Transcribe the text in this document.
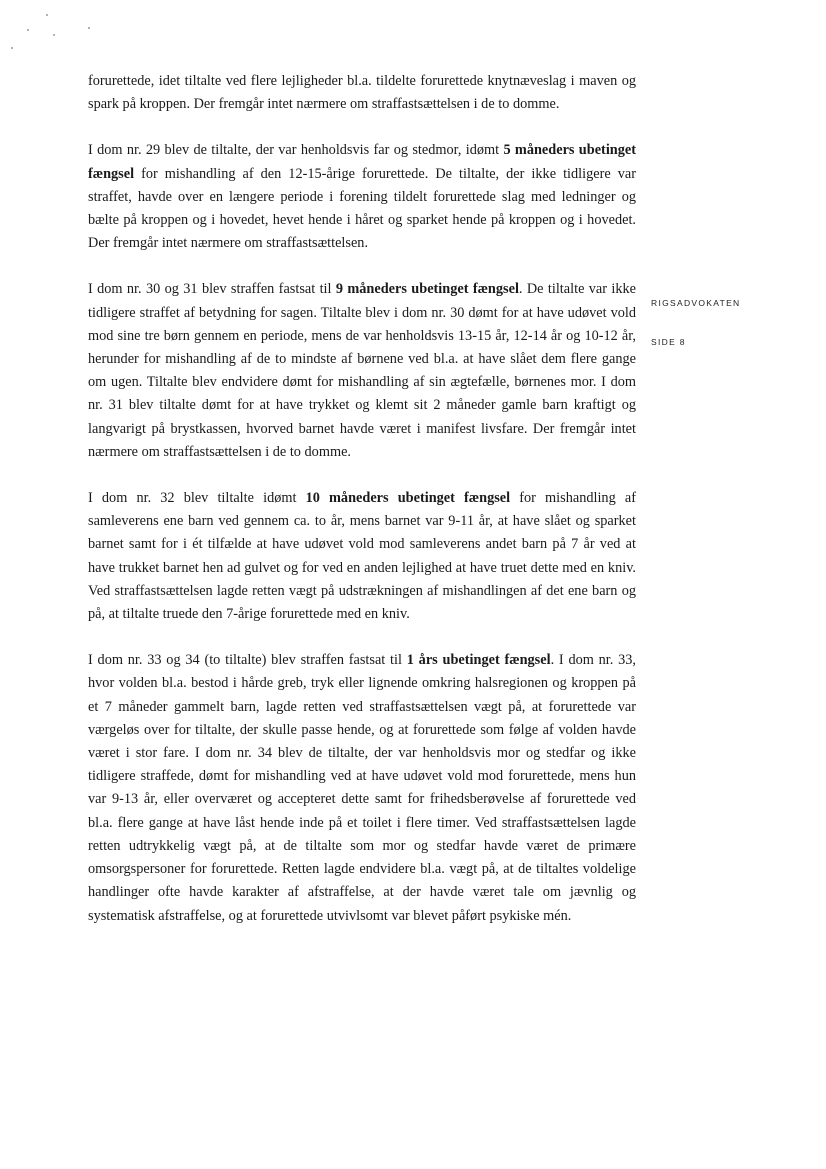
RIGSADVOKATEN
SIDE 8

forurettede, idet tiltalte ved flere lejligheder bl.a. tildelte forurettede knytnæveslag i maven og spark på kroppen. Der fremgår intet nærmere om straffastsættelsen i de to domme.

I dom nr. 29 blev de tiltalte, der var henholdsvis far og stedmor, idømt 5 måneders ubetinget fængsel for mishandling af den 12-15-årige forurettede. De tiltalte, der ikke tidligere var straffet, havde over en længere periode i forening tildelt forurettede slag med ledninger og bælte på kroppen og i hovedet, hevet hende i håret og sparket hende på kroppen og i hovedet. Der fremgår intet nærmere om straffastsættelsen.

I dom nr. 30 og 31 blev straffen fastsat til 9 måneders ubetinget fængsel. De tiltalte var ikke tidligere straffet af betydning for sagen. Tiltalte blev i dom nr. 30 dømt for at have udøvet vold mod sine tre børn gennem en periode, mens de var henholdsvis 13-15 år, 12-14 år og 10-12 år, herunder for mishandling af de to mindste af børnene ved bl.a. at have slået dem flere gange om ugen. Tiltalte blev endvidere dømt for mishandling af sin ægtefælle, børnenes mor. I dom nr. 31 blev tiltalte dømt for at have trykket og klemt sit 2 måneder gamle barn kraftigt og langvarigt på brystkassen, hvorved barnet havde været i manifest livsfare. Der fremgår intet nærmere om straffastsættelsen i de to domme.

I dom nr. 32 blev tiltalte idømt 10 måneders ubetinget fængsel for mishandling af samleverens ene barn ved gennem ca. to år, mens barnet var 9-11 år, at have slået og sparket barnet samt for i ét tilfælde at have udøvet vold mod samleverens andet barn på 7 år ved at have trukket barnet hen ad gulvet og for ved en anden lejlighed at have truet dette med en kniv. Ved straffastsættelsen lagde retten vægt på udstrækningen af mishandlingen af det ene barn og på, at tiltalte truede den 7-årige forurettede med en kniv.

I dom nr. 33 og 34 (to tiltalte) blev straffen fastsat til 1 års ubetinget fængsel. I dom nr. 33, hvor volden bl.a. bestod i hårde greb, tryk eller lignende omkring halsregionen og kroppen på et 7 måneder gammelt barn, lagde retten ved straffastsættelsen vægt på, at forurettede var værgeløs over for tiltalte, der skulle passe hende, og at forurettede som følge af volden havde været i stor fare. I dom nr. 34 blev de tiltalte, der var henholdsvis mor og stedfar og ikke tidligere straffede, dømt for mishandling ved at have udøvet vold mod forurettede, mens hun var 9-13 år, eller overværet og accepteret dette samt for frihedsberøvelse af forurettede ved bl.a. flere gange at have låst hende inde på et toilet i flere timer. Ved straffastsættelsen lagde retten udtrykkelig vægt på, at de tiltalte som mor og stedfar havde været de primære omsorgspersoner for forurettede. Retten lagde endvidere bl.a. vægt på, at de tiltaltes voldelige handlinger ofte havde karakter af afstraffelse, at der havde været tale om jævnlig og systematisk afstraffelse, og at forurettede utvivlsomt var blevet påført psykiske mén.
